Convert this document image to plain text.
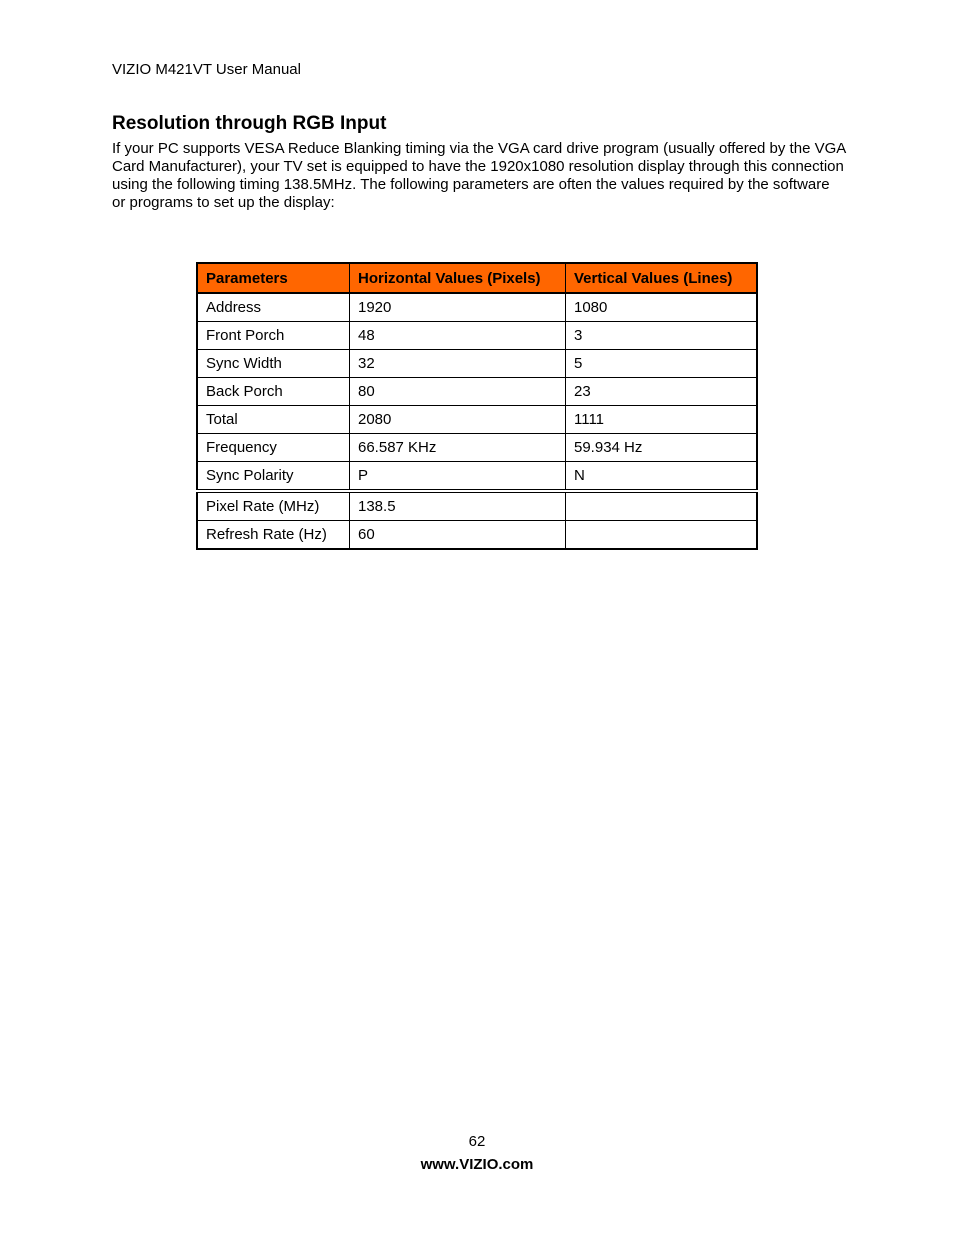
VIZIO M421VT User Manual
Resolution through RGB Input

If your PC supports VESA Reduce Blanking timing via the VGA card drive program (usually offered by the VGA Card Manufacturer), your TV set is equipped to have the 1920x1080 resolution display through this connection using the following timing 138.5MHz. The following parameters are often the values required by the software or programs to set up the display:

Parameters	Horizontal Values (Pixels)	Vertical Values (Lines)
Address	1920	1080
Front Porch	48	3
Sync Width	32	5
Back Porch	80	23
Total	2080	1111
Frequency	66.587 KHz	59.934 Hz
Sync Polarity	P	N
Pixel Rate (MHz)	138.5	
Refresh Rate (Hz)	60	
62
www.VIZIO.com
